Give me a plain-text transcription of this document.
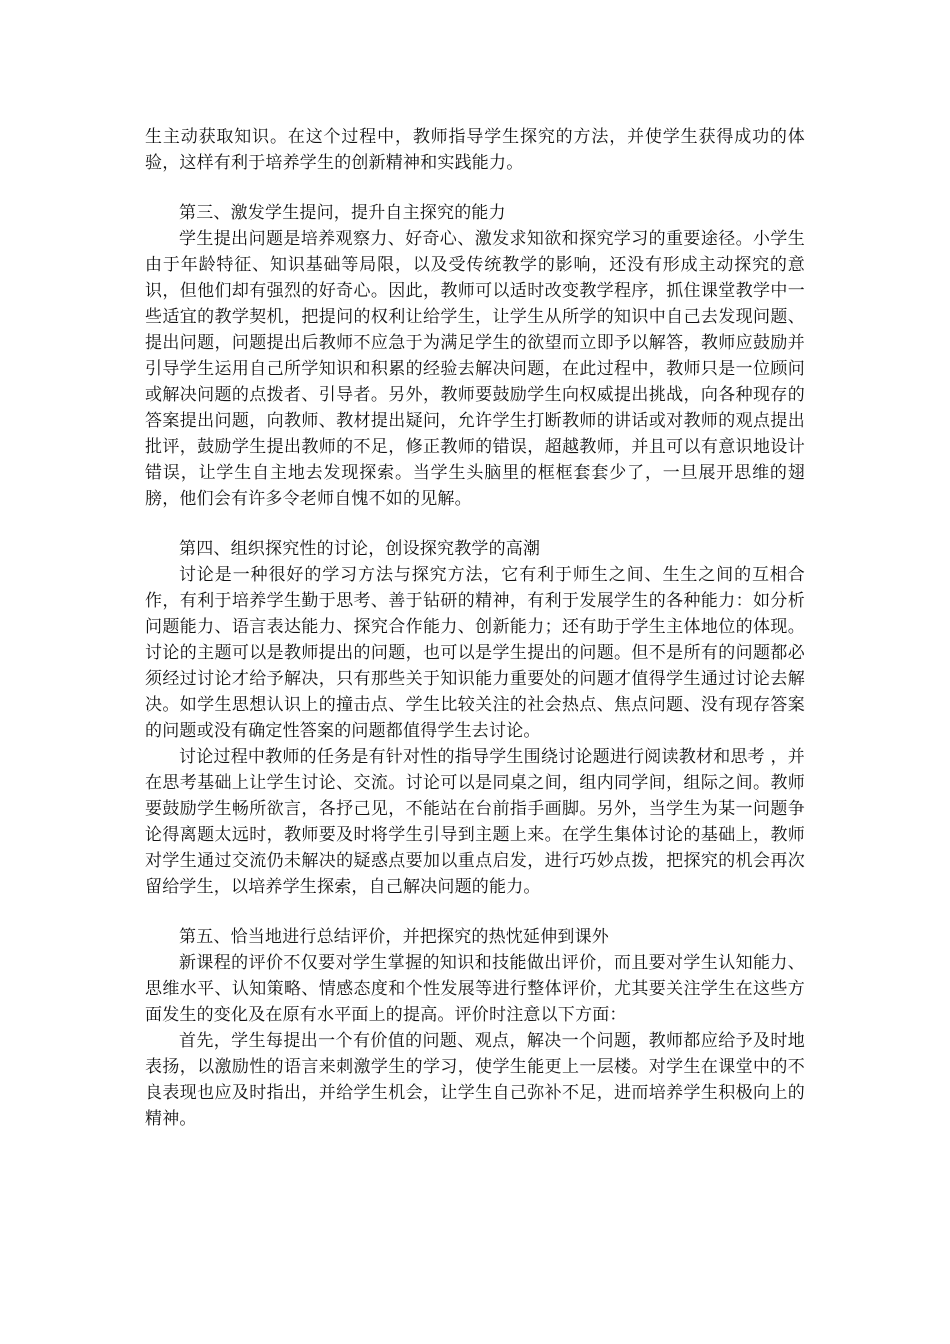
生主动获取知识。在这个过程中，教师指导学生探究的方法，并使学生获得成功的体验，这样有利于培养学生的创新精神和实践能力。

第三、激发学生提问，提升自主探究的能力

学生提出问题是培养观察力、好奇心、激发求知欲和探究学习的重要途径。小学生由于年龄特征、知识基础等局限，以及受传统教学的影响，还没有形成主动探究的意识，但他们却有强烈的好奇心。因此，教师可以适时改变教学程序，抓住课堂教学中一些适宜的教学契机，把提问的权利让给学生，让学生从所学的知识中自己去发现问题、提出问题，问题提出后教师不应急于为满足学生的欲望而立即予以解答，教师应鼓励并引导学生运用自己所学知识和积累的经验去解决问题，在此过程中，教师只是一位顾问或解决问题的点拨者、引导者。另外，教师要鼓励学生向权威提出挑战，向各种现存的答案提出问题，向教师、教材提出疑问，允许学生打断教师的讲话或对教师的观点提出批评，鼓励学生提出教师的不足，修正教师的错误，超越教师，并且可以有意识地设计错误，让学生自主地去发现探索。当学生头脑里的框框套套少了，一旦展开思维的翅膀，他们会有许多令老师自愧不如的见解。

第四、组织探究性的讨论，创设探究教学的高潮

讨论是一种很好的学习方法与探究方法，它有利于师生之间、生生之间的互相合作，有利于培养学生勤于思考、善于钻研的精神，有利于发展学生的各种能力：如分析问题能力、语言表达能力、探究合作能力、创新能力；还有助于学生主体地位的体现。讨论的主题可以是教师提出的问题，也可以是学生提出的问题。但不是所有的问题都必须经过讨论才给予解决，只有那些关于知识能力重要处的问题才值得学生通过讨论去解决。如学生思想认识上的撞击点、学生比较关注的社会热点、焦点问题、没有现存答案的问题或没有确定性答案的问题都值得学生去讨论。

讨论过程中教师的任务是有针对性的指导学生围绕讨论题进行阅读教材和思考 ，并在思考基础上让学生讨论、交流。讨论可以是同桌之间，组内同学间，组际之间。教师要鼓励学生畅所欲言，各抒己见，不能站在台前指手画脚。另外，当学生为某一问题争论得离题太远时，教师要及时将学生引导到主题上来。在学生集体讨论的基础上，教师对学生通过交流仍未解决的疑惑点要加以重点启发，进行巧妙点拨，把探究的机会再次留给学生，以培养学生探索，自己解决问题的能力。

第五、恰当地进行总结评价，并把探究的热忱延伸到课外

新课程的评价不仅要对学生掌握的知识和技能做出评价，而且要对学生认知能力、思维水平、认知策略、情感态度和个性发展等进行整体评价，尤其要关注学生在这些方面发生的变化及在原有水平面上的提高。评价时注意以下方面：

首先，学生每提出一个有价值的问题、观点，解决一个问题，教师都应给予及时地表扬，以激励性的语言来刺激学生的学习，使学生能更上一层楼。对学生在课堂中的不良表现也应及时指出，并给学生机会，让学生自己弥补不足，进而培养学生积极向上的精神。
